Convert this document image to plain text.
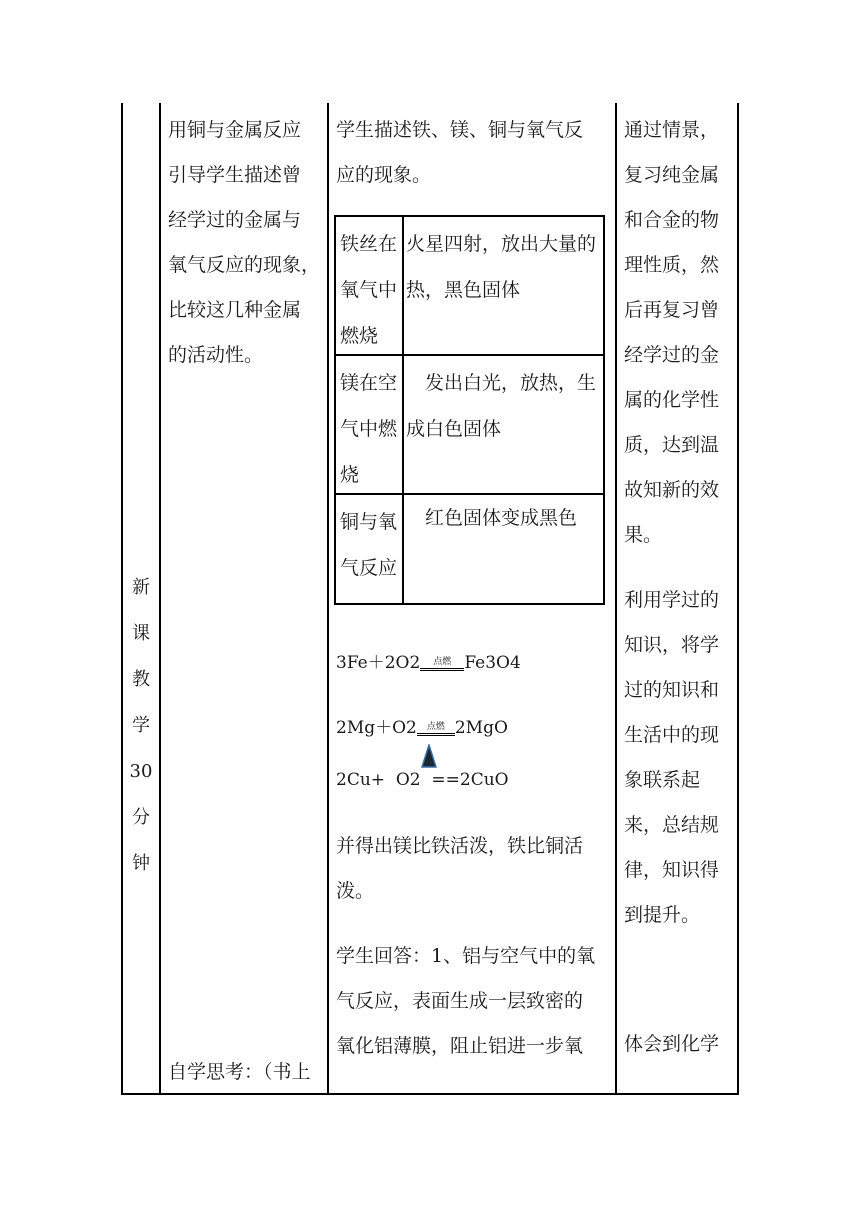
新

课

教

学

30

分

钟

用铜与金属反应

引导学生描述曾

经学过的金属与

氧气反应的现象，

比较这几种金属

的活动性。

自学思考：（书上

学生描述铁、镁、铜与氧气反

应的现象。

铁丝在
氧气中
燃烧
火星四射，放出大量的
热，黑色固体
镁在空
气中燃
烧
　发出白光，放热，生
成白色固体
铜与氧
气反应
　红色固体变成黑色
3Fe＋2O2	点燃 Fe3O4
2Mg＋O2	点燃 2MgO
2Cu+  O2  ==2CuO

并得出镁比铁活泼，铁比铜活

泼。

学生回答：1、铝与空气中的氧

气反应，表面生成一层致密的

氧化铝薄膜，阻止铝进一步氧

通过情景，

复习纯金属

和合金的物

理性质，然

后再复习曾

经学过的金

属的化学性

质，达到温

故知新的效

果。

利用学过的

知识，将学

过的知识和

生活中的现

象联系起

来，总结规

律，知识得

到提升。

体会到化学
